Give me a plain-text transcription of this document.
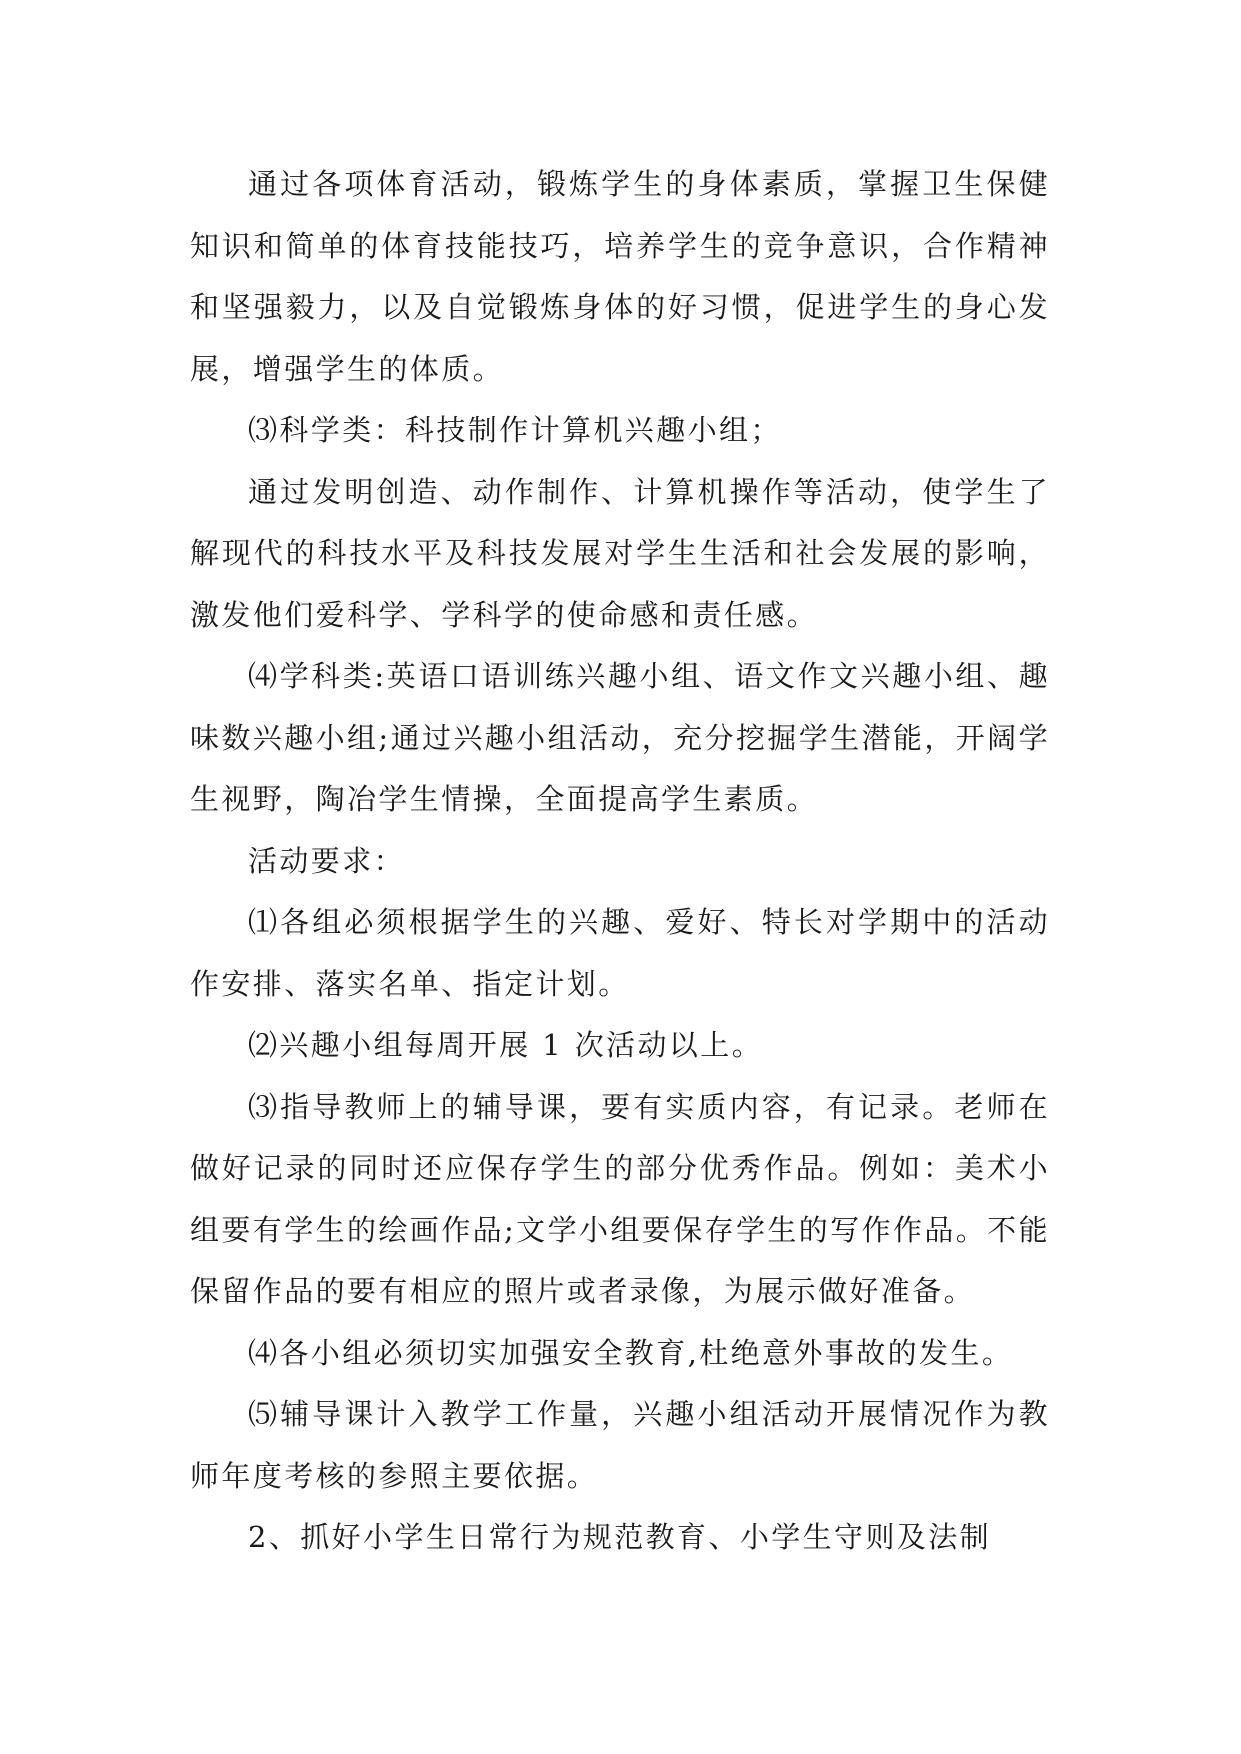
通过各项体育活动，锻炼学生的身体素质，掌握卫生保健知识和简单的体育技能技巧，培养学生的竞争意识，合作精神和坚强毅力，以及自觉锻炼身体的好习惯，促进学生的身心发展，增强学生的体质。

⑶科学类：科技制作计算机兴趣小组；

通过发明创造、动作制作、计算机操作等活动，使学生了解现代的科技水平及科技发展对学生生活和社会发展的影响，激发他们爱科学、学科学的使命感和责任感。

⑷学科类:英语口语训练兴趣小组、语文作文兴趣小组、趣味数兴趣小组;通过兴趣小组活动，充分挖掘学生潜能，开阔学生视野，陶冶学生情操，全面提高学生素质。

活动要求：

⑴各组必须根据学生的兴趣、爱好、特长对学期中的活动作安排、落实名单、指定计划。

⑵兴趣小组每周开展 1 次活动以上。

⑶指导教师上的辅导课，要有实质内容，有记录。老师在做好记录的同时还应保存学生的部分优秀作品。例如：美术小组要有学生的绘画作品;文学小组要保存学生的写作作品。不能保留作品的要有相应的照片或者录像，为展示做好准备。

⑷各小组必须切实加强安全教育,杜绝意外事故的发生。

⑸辅导课计入教学工作量，兴趣小组活动开展情况作为教师年度考核的参照主要依据。

2、抓好小学生日常行为规范教育、小学生守则及法制
